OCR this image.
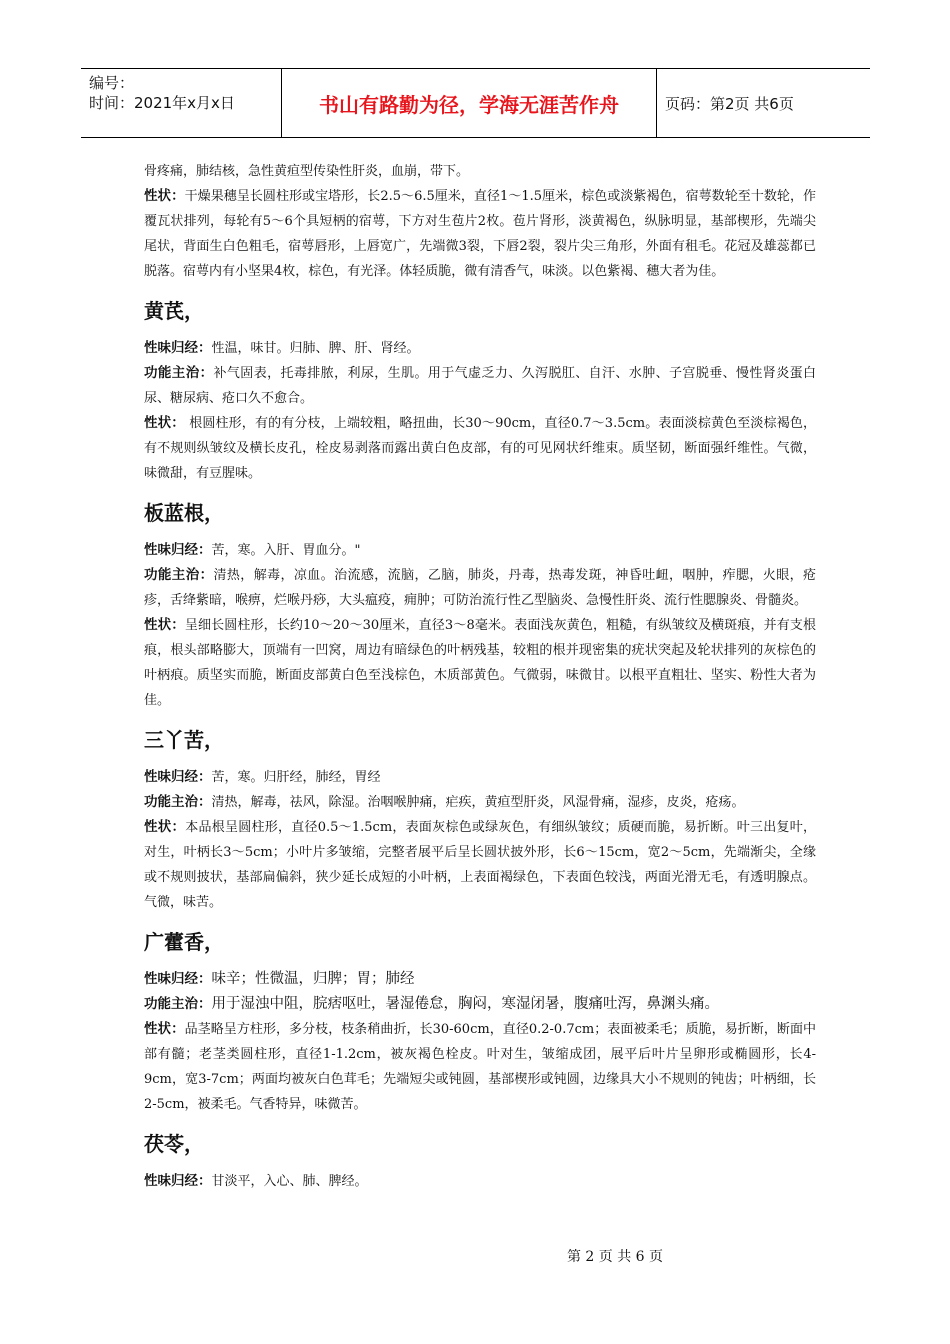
编号：
时间：2021年x月x日	书山有路勤为径，学海无涯苦作舟	页码：第2页 共6页

骨疼痛，肺结核，急性黄疸型传染性肝炎，血崩，带下。

性状：干燥果穗呈长圆柱形或宝塔形，长2.5～6.5厘米，直径1～1.5厘米，棕色或淡紫褐色，宿萼数轮至十数轮，作覆瓦状排列，每轮有5～6个具短柄的宿萼，下方对生苞片2枚。苞片肾形，淡黄褐色，纵脉明显，基部楔形，先端尖尾状，背面生白色粗毛，宿萼唇形，上唇宽广，先端微3裂，下唇2裂，裂片尖三角形，外面有租毛。花冠及雄蕊都已脱落。宿萼内有小坚果4枚，棕色，有光泽。体轻质脆，微有清香气，味淡。以色紫褐、穗大者为佳。

黄芪，

性味归经：性温，味甘。归肺、脾、肝、肾经。

功能主治：补气固表，托毒排脓，利尿，生肌。用于气虚乏力、久泻脱肛、自汗、水肿、子宫脱垂、慢性肾炎蛋白尿、糖尿病、疮口久不愈合。

性状： 根圆柱形，有的有分枝，上端较粗，略扭曲，长30～90cm，直径0.7～3.5cm。表面淡棕黄色至淡棕褐色，有不规则纵皱纹及横长皮孔，栓皮易剥落而露出黄白色皮部，有的可见网状纤维束。质坚韧，断面强纤维性。气微，味微甜，有豆腥味。

板蓝根，

性味归经：苦，寒。入肝、胃血分。"

功能主治：清热，解毒，凉血。治流感，流脑，乙脑，肺炎，丹毒，热毒发斑，神昏吐衄，咽肿，痄腮，火眼，疮疹，舌绛紫暗，喉痹，烂喉丹痧，大头瘟疫，痈肿；可防治流行性乙型脑炎、急慢性肝炎、流行性腮腺炎、骨髓炎。

性状：呈细长圆柱形，长约10～20～30厘米，直径3～8毫米。表面浅灰黄色，粗糙，有纵皱纹及横斑痕，并有支根痕，根头部略膨大，顶端有一凹窝，周边有暗绿色的叶柄残基，较粗的根并现密集的疣状突起及轮状排列的灰棕色的叶柄痕。质坚实而脆，断面皮部黄白色至浅棕色，木质部黄色。气微弱，味微甘。以根平直粗壮、坚实、粉性大者为佳。

三丫苦，

性味归经：苦，寒。归肝经，肺经，胃经

功能主治：清热，解毒，祛风，除湿。治咽喉肿痛，疟疾，黄疸型肝炎，风湿骨痛，湿疹，皮炎，疮疡。

性状：本品根呈圆柱形，直径0.5～1.5cm，表面灰棕色或绿灰色，有细纵皱纹；质硬而脆，易折断。叶三出复叶，对生，叶柄长3～5cm；小叶片多皱缩，完整者展平后呈长圆状披外形，长6～15cm，宽2～5cm，先端渐尖，全缘或不规则披状，基部扁偏斜，狭少延长成短的小叶柄，上表面褐绿色，下表面色较浅，两面光滑无毛，有透明腺点。气微，味苦。

广藿香，

性味归经：味辛；性微温，归脾；胃；肺经

功能主治：用于湿浊中阻，脘痞呕吐，暑湿倦怠，胸闷，寒湿闭暑，腹痛吐泻，鼻渊头痛。

性状：品茎略呈方柱形，多分枝，枝条稍曲折，长30-60cm，直径0.2-0.7cm；表面被柔毛；质脆，易折断，断面中部有髓；老茎类圆柱形，直径1-1.2cm，被灰褐色栓皮。叶对生，皱缩成团，展平后叶片呈卵形或椭圆形，长4-9cm，宽3-7cm；两面均被灰白色茸毛；先端短尖或钝圆，基部楔形或钝圆，边缘具大小不规则的钝齿；叶柄细，长2-5cm，被柔毛。气香特异，味微苦。

茯苓，

性味归经：甘淡平，入心、肺、脾经。

第 2 页 共 6 页
